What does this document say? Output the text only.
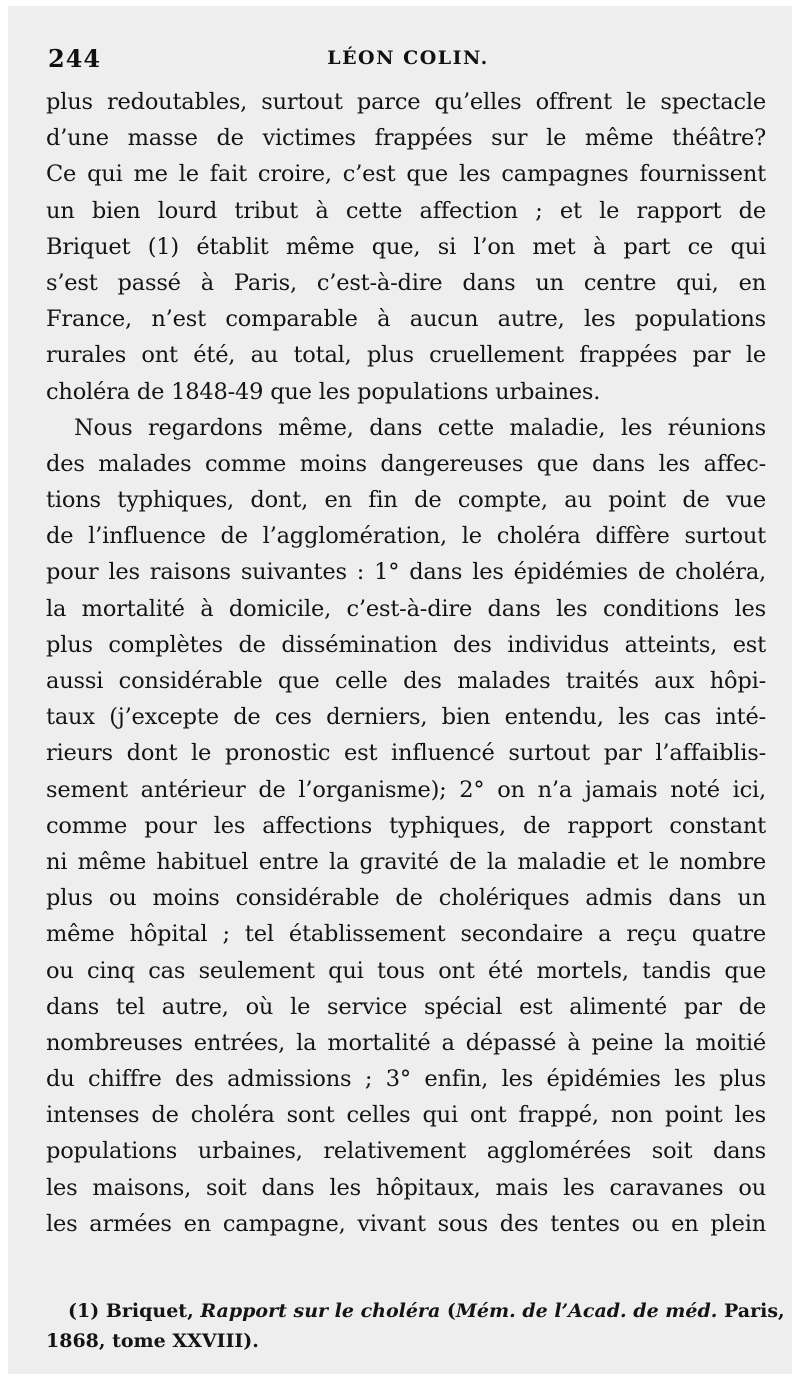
244	LÉON COLIN.
plus redoutables, surtout parce qu’elles offrent le spectacle
d’une masse de victimes frappées sur le même théâtre?
Ce qui me le fait croire, c’est que les campagnes fournissent
un bien lourd tribut à cette affection ; et le rapport de
Briquet (1) établit même que, si l’on met à part ce qui
s’est passé à Paris, c’est-à-dire dans un centre qui, en
France, n’est comparable à aucun autre, les populations
rurales ont été, au total, plus cruellement frappées par le
choléra de 1848-49 que les populations urbaines.
Nous regardons même, dans cette maladie, les réunions
des malades comme moins dangereuses que dans les affec-
tions typhiques, dont, en fin de compte, au point de vue
de l’influence de l’agglomération, le choléra diffère surtout
pour les raisons suivantes : 1° dans les épidémies de choléra,
la mortalité à domicile, c’est-à-dire dans les conditions les
plus complètes de dissémination des individus atteints, est
aussi considérable que celle des malades traités aux hôpi-
taux (j’excepte de ces derniers, bien entendu, les cas inté-
rieurs dont le pronostic est influencé surtout par l’affaiblis-
sement antérieur de l’organisme); 2° on n’a jamais noté ici,
comme pour les affections typhiques, de rapport constant
ni même habituel entre la gravité de la maladie et le nombre
plus ou moins considérable de cholériques admis dans un
même hôpital ; tel établissement secondaire a reçu quatre
ou cinq cas seulement qui tous ont été mortels, tandis que
dans tel autre, où le service spécial est alimenté par de
nombreuses entrées, la mortalité a dépassé à peine la moitié
du chiffre des admissions ; 3° enfin, les épidémies les plus
intenses de choléra sont celles qui ont frappé, non point les
populations urbaines, relativement agglomérées soit dans
les maisons, soit dans les hôpitaux, mais les caravanes ou
les armées en campagne, vivant sous des tentes ou en plein
(1) Briquet, Rapport sur le choléra (Mém. de l’Acad. de méd. Paris,
1868, tome XXVIII).
